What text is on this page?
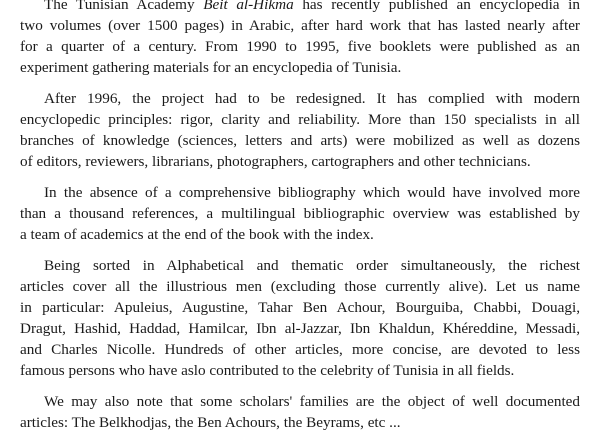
The Tunisian Academy Beit al-Hikma has recently published an encyclopedia in
two volumes (over 1500 pages) in Arabic, after hard work that has lasted nearly after
for a quarter of a century. From 1990 to 1995, five booklets were published as an
experiment gathering materials for an encyclopedia of Tunisia.
After 1996, the project had to be redesigned. It has complied with modern
encyclopedic principles: rigor, clarity and reliability. More than 150 specialists in all
branches of knowledge (sciences, letters and arts) were mobilized as well as dozens
of editors, reviewers, librarians, photographers, cartographers and other technicians.
In the absence of a comprehensive bibliography which would have involved more
than a thousand references, a multilingual bibliographic overview was established by
a team of academics at the end of the book with the index.
Being sorted in Alphabetical and thematic order simultaneously, the richest
articles cover all the illustrious men (excluding those currently alive). Let us name
in particular: Apuleius, Augustine, Tahar Ben Achour, Bourguiba, Chabbi, Douagi,
Dragut, Hashid, Haddad, Hamilcar, Ibn al-Jazzar, Ibn Khaldun, Khéreddine, Messadi,
and Charles Nicolle. Hundreds of other articles, more concise, are devoted to less
famous persons who have aslo contributed to the celebrity of Tunisia in all fields.
We may also note that some scholars' families are the object of well documented
articles: The Belkhodjas, the Ben Achours, the Beyrams, etc ...
